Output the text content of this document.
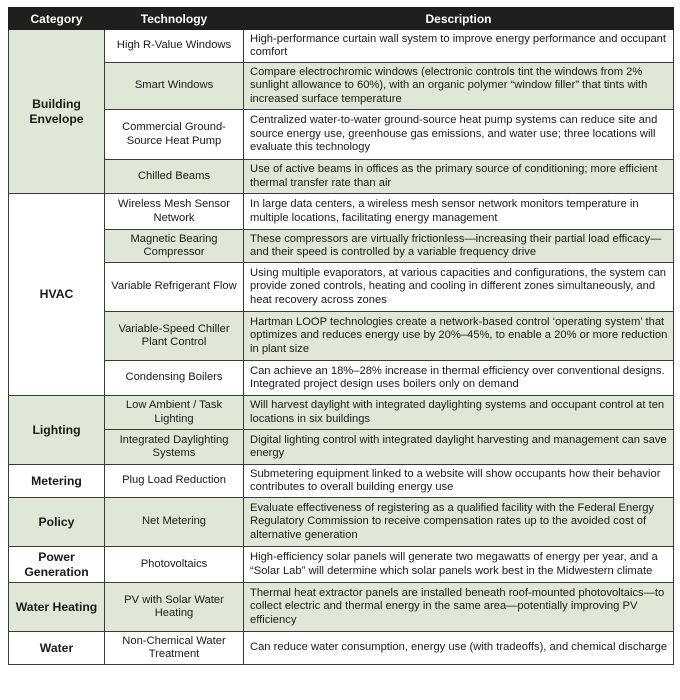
Category	Technology	Description
Building Envelope	High R-Value Windows	High-performance curtain wall system to improve energy performance and occupant comfort
	Smart Windows	Compare electrochromic windows (electronic controls tint the windows from 2% sunlight allowance to 60%), with an organic polymer “window filler” that tints with increased surface temperature
	Commercial Ground-Source Heat Pump	Centralized water-to-water ground-source heat pump systems can reduce site and source energy use, greenhouse gas emissions, and water use; three locations will evaluate this technology
	Chilled Beams	Use of active beams in offices as the primary source of conditioning; more efficient thermal transfer rate than air
HVAC	Wireless Mesh Sensor Network	In large data centers, a wireless mesh sensor network monitors temperature in multiple locations, facilitating energy management
	Magnetic Bearing Compressor	These compressors are virtually frictionless—increasing their partial load efficacy—and their speed is controlled by a variable frequency drive
	Variable Refrigerant Flow	Using multiple evaporators, at various capacities and configurations, the system can provide zoned controls, heating and cooling in different zones simultaneously, and heat recovery across zones
	Variable-Speed Chiller Plant Control	Hartman LOOP technologies create a network-based control ‘operating system’ that optimizes and reduces energy use by 20%–45%, to enable a 20% or more reduction in plant size
	Condensing Boilers	Can achieve an 18%–28% increase in thermal efficiency over conventional designs. Integrated project design uses boilers only on demand
Lighting	Low Ambient / Task Lighting	Will harvest daylight with integrated daylighting systems and occupant control at ten locations in six buildings
	Integrated Daylighting Systems	Digital lighting control with integrated daylight harvesting and management can save energy
Metering	Plug Load Reduction	Submetering equipment linked to a website will show occupants how their behavior contributes to overall building energy use
Policy	Net Metering	Evaluate effectiveness of registering as a qualified facility with the Federal Energy Regulatory Commission to receive compensation rates up to the avoided cost of alternative generation
Power Generation	Photovoltaics	High-efficiency solar panels will generate two megawatts of energy per year, and a “Solar Lab” will determine which solar panels work best in the Midwestern climate
Water Heating	PV with Solar Water Heating	Thermal heat extractor panels are installed beneath roof-mounted photovoltaics—to collect electric and thermal energy in the same area—potentially improving PV efficiency
Water	Non-Chemical Water Treatment	Can reduce water consumption, energy use (with tradeoffs), and chemical discharge
